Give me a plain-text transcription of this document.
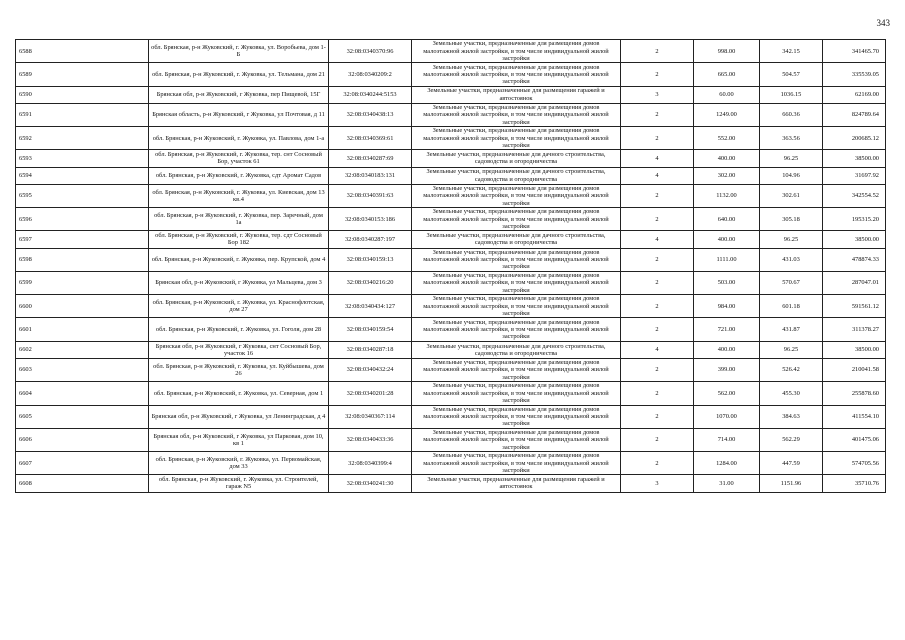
343
6588	обл. Брянская, р-н Жуковский, г. Жуковка, ул. Воробьева, дом 1-Б	32:08:0340370:96	Земельные участки, предназначенные для размещения домов малоэтажной жилой застройки, в том числе индивидуальной жилой застройки	2	998.00	342.15	341465.70
6589	обл. Брянская, р-н Жуковский, г. Жуковка, ул. Тельмана, дом 21	32:08:0340209:2	Земельные участки, предназначенные для размещения домов малоэтажной жилой застройки, в том числе индивидуальной жилой застройки	2	665.00	504.57	335539.05
6590	Брянская обл, р-н Жуковский, г Жуковка, пер Пищевой, 15Г	32:08:0340244:5153	Земельные участки, предназначенные для размещения гаражей и автостоянок	3	60.00	1036.15	62169.00
6591	Брянская область, р-н Жуковский, г Жуковка, ул Почтовая, д 11	32:08:0340438:13	Земельные участки, предназначенные для размещения домов малоэтажной жилой застройки, в том числе индивидуальной жилой застройки	2	1249.00	660.36	824789.64
6592	обл. Брянская, р-н Жуковский, г. Жуковка, ул. Павлова, дом 1-а	32:08:0340369:61	Земельные участки, предназначенные для размещения домов малоэтажной жилой застройки, в том числе индивидуальной жилой застройки	2	552.00	363.56	200685.12
6593	обл. Брянская, р-н Жуковский, г. Жуковка, тер. снт Сосновый Бор, участок 61	32:08:0340287:69	Земельные участки, предназначенные для дачного строительства, садоводства и огородничества	4	400.00	96.25	38500.00
6594	обл. Брянская, р-н Жуковский, г. Жуковка, сдт Аромат Садов	32:08:0340183:131	Земельные участки, предназначенные для дачного строительства, садоводства и огородничества	4	302.00	104.96	31697.92
6595	обл. Брянская, р-н Жуковский, г. Жуковка, ул. Киевская, дом 13 кв.4	32:08:0340391:63	Земельные участки, предназначенные для размещения домов малоэтажной жилой застройки, в том числе индивидуальной жилой застройки	2	1132.00	302.61	342554.52
6596	обл. Брянская, р-н Жуковский, г. Жуковка, пер. Заречный, дом 1а	32:08:0340153:186	Земельные участки, предназначенные для размещения домов малоэтажной жилой застройки, в том числе индивидуальной жилой застройки	2	640.00	305.18	195315.20
6597	обл. Брянская, р-н Жуковский, г. Жуковка, тер. сдт Сосновый Бор 182	32:08:0340287:197	Земельные участки, предназначенные для дачного строительства, садоводства и огородничества	4	400.00	96.25	38500.00
6598	обл. Брянская, р-н Жуковский, г. Жуковка, пер. Крупской, дом 4	32:08:0340159:13	Земельные участки, предназначенные для размещения домов малоэтажной жилой застройки, в том числе индивидуальной жилой застройки	2	1111.00	431.03	478874.33
6599	Брянская обл, р-н Жуковский, г Жуковка, ул Мальцева, дом 3	32:08:0340216:20	Земельные участки, предназначенные для размещения домов малоэтажной жилой застройки, в том числе индивидуальной жилой застройки	2	503.00	570.67	287047.01
6600	обл. Брянская, р-н Жуковский, г. Жуковка, ул. Краснофлотская, дом 27	32:08:0340434:127	Земельные участки, предназначенные для размещения домов малоэтажной жилой застройки, в том числе индивидуальной жилой застройки	2	984.00	601.18	591561.12
6601	обл. Брянская, р-н Жуковский, г. Жуковка, ул. Гоголя, дом 28	32:08:0340159:54	Земельные участки, предназначенные для размещения домов малоэтажной жилой застройки, в том числе индивидуальной жилой застройки	2	721.00	431.87	311378.27
6602	Брянская обл, р-н Жуковский, г Жуковка, снт Сосновый Бор, участок 16	32:08:0340287:18	Земельные участки, предназначенные для дачного строительства, садоводства и огородничества	4	400.00	96.25	38500.00
6603	обл. Брянская, р-н Жуковский, г. Жуковка, ул. Куйбышева, дом 26	32:08:0340432:24	Земельные участки, предназначенные для размещения домов малоэтажной жилой застройки, в том числе индивидуальной жилой застройки	2	399.00	526.42	210041.58
6604	обл. Брянская, р-н Жуковский, г. Жуковка, ул. Северная, дом 1	32:08:0340201:28	Земельные участки, предназначенные для размещения домов малоэтажной жилой застройки, в том числе индивидуальной жилой застройки	2	562.00	455.30	255878.60
6605	Брянская обл, р-н Жуковский, г Жуковка, ул Ленинградская, д 4	32:08:0340367:114	Земельные участки, предназначенные для размещения домов малоэтажной жилой застройки, в том числе индивидуальной жилой застройки	2	1070.00	384.63	411554.10
6606	Брянская обл, р-н Жуковский, г Жуковка, ул Парковая, дом 10, кв 1	32:08:0340433:36	Земельные участки, предназначенные для размещения домов малоэтажной жилой застройки, в том числе индивидуальной жилой застройки	2	714.00	562.29	401475.06
6607	обл. Брянская, р-н Жуковский, г. Жуковка, ул. Первомайская, дом 33	32:08:0340399:4	Земельные участки, предназначенные для размещения домов малоэтажной жилой застройки, в том числе индивидуальной жилой застройки	2	1284.00	447.59	574705.56
6608	обл. Брянская, р-н Жуковский, г. Жуковка, ул. Строителей, гараж N5	32:08:0340241:30	Земельные участки, предназначенные для размещения гаражей и автостоянок	3	31.00	1151.96	35710.76
